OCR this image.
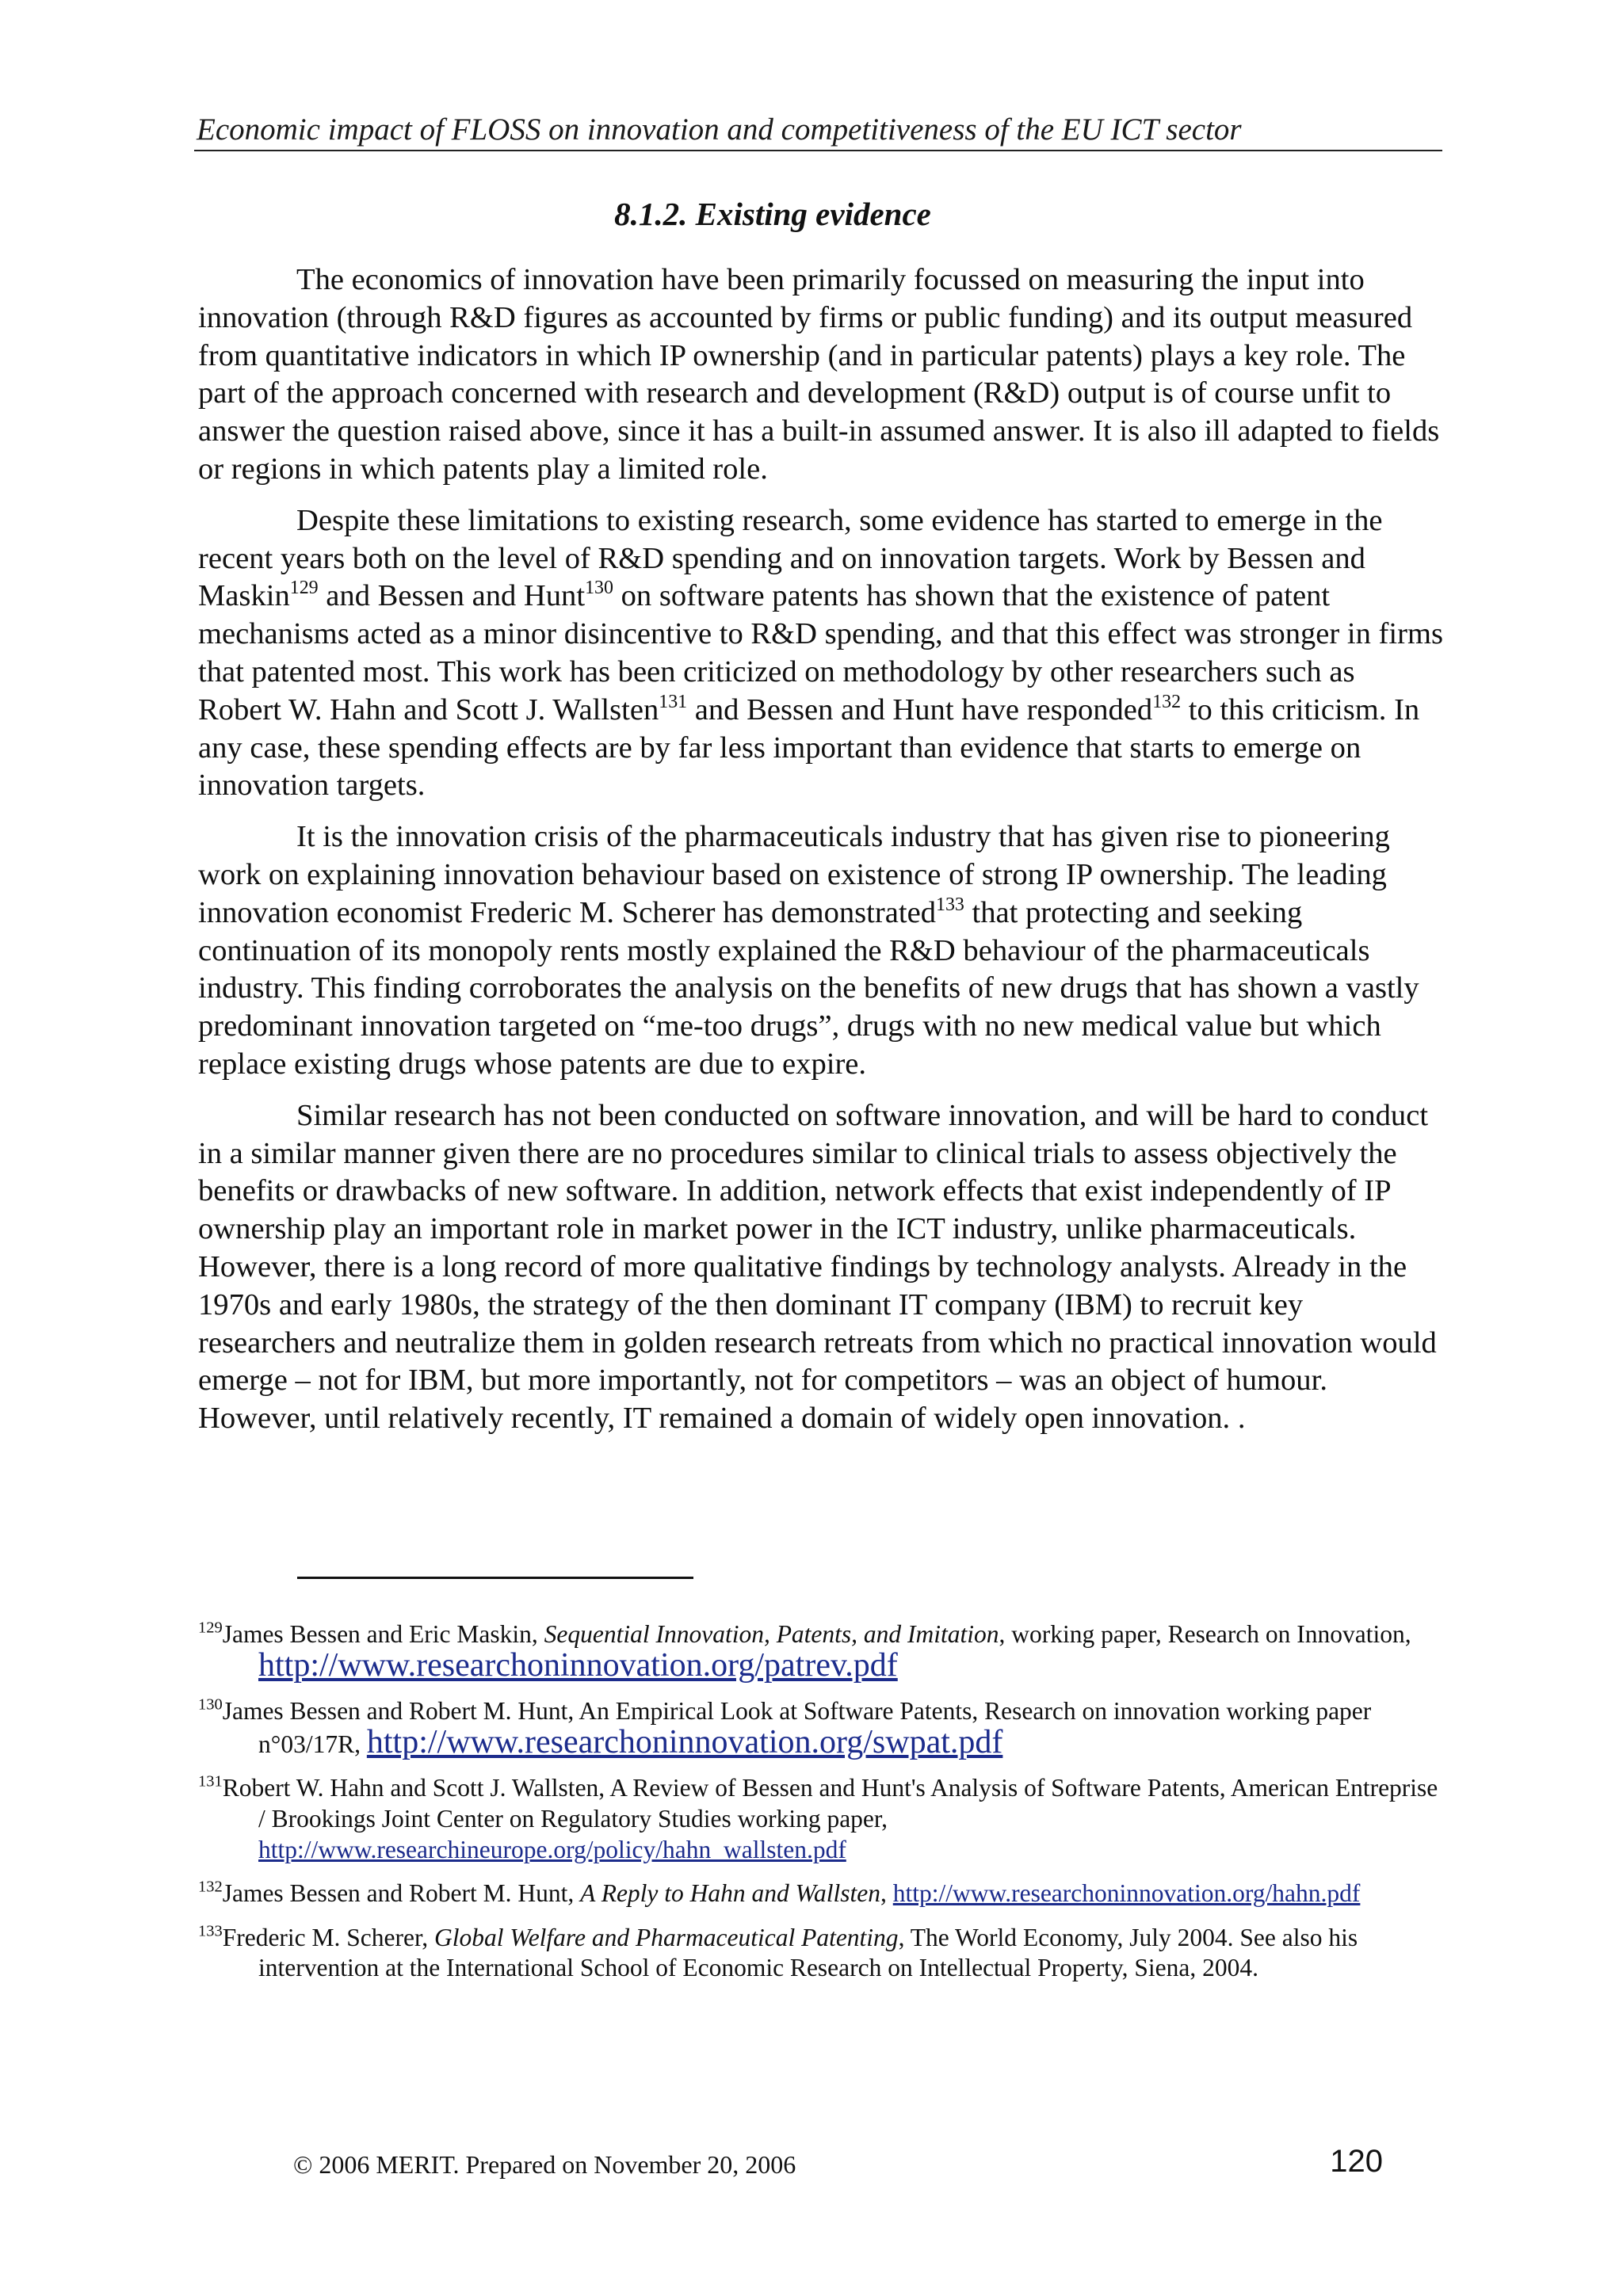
Economic impact of FLOSS on innovation and competitiveness of the EU ICT sector
8.1.2. Existing evidence

The economics of innovation have been primarily focussed on measuring the input into innovation (through R&D figures as accounted by firms or public funding) and its output measured from quantitative indicators in which IP ownership (and in particular patents) plays a key role. The part of the approach concerned with research and development (R&D) output is of course unfit to answer the question raised above, since it has a built-in assumed answer. It is also ill adapted to fields or regions in which patents play a limited role.

Despite these limitations to existing research, some evidence has started to emerge in the recent years both on the level of R&D spending and on innovation targets. Work by Bessen and Maskin$^{129}$ and Bessen and Hunt$^{130}$ on software patents has shown that the existence of patent mechanisms acted as a minor disincentive to R&D spending, and that this effect was stronger in firms that patented most. This work has been criticized on methodology by other researchers such as Robert W. Hahn and Scott J. Wallsten$^{131}$ and Bessen and Hunt have responded$^{132}$ to this criticism. In any case, these spending effects are by far less important than evidence that starts to emerge on innovation targets.

It is the innovation crisis of the pharmaceuticals industry that has given rise to pioneering work on explaining innovation behaviour based on existence of strong IP ownership. The leading innovation economist Frederic M. Scherer has demonstrated$^{133}$ that protecting and seeking continuation of its monopoly rents mostly explained the R&D behaviour of the pharmaceuticals industry. This finding corroborates the analysis on the benefits of new drugs that has shown a vastly predominant innovation targeted on “me-too drugs”, drugs with no new medical value but which replace existing drugs whose patents are due to expire.

Similar research has not been conducted on software innovation, and will be hard to conduct in a similar manner given there are no procedures similar to clinical trials to assess objectively the benefits or drawbacks of new software. In addition, network effects that exist independently of IP ownership play an important role in market power in the ICT industry, unlike pharmaceuticals. However, there is a long record of more qualitative findings by technology analysts. Already in the 1970s and early 1980s, the strategy of the then dominant IT company (IBM) to recruit key researchers and neutralize them in golden research retreats from which no practical innovation would emerge – not for IBM, but more importantly, not for competitors – was an object of humour. However, until relatively recently, IT remained a domain of widely open innovation. .

$^{129}$James Bessen and Eric Maskin, Sequential Innovation, Patents, and Imitation, working paper, Research on Innovation, http://www.researchoninnovation.org/patrev.pdf
$^{130}$James Bessen and Robert M. Hunt, An Empirical Look at Software Patents, Research on innovation working paper n°03/17R, http://www.researchoninnovation.org/swpat.pdf
$^{131}$Robert W. Hahn and Scott J. Wallsten, A Review of Bessen and Hunt's Analysis of Software Patents, American Entreprise / Brookings Joint Center on Regulatory Studies working paper, http://www.researchineurope.org/policy/hahn_wallsten.pdf
$^{132}$James Bessen and Robert M. Hunt, A Reply to Hahn and Wallsten, http://www.researchoninnovation.org/hahn.pdf
$^{133}$Frederic M. Scherer, Global Welfare and Pharmaceutical Patenting, The World Economy, July 2004. See also his intervention at the International School of Economic Research on Intellectual Property, Siena, 2004.
© 2006 MERIT. Prepared on November 20, 2006	120
